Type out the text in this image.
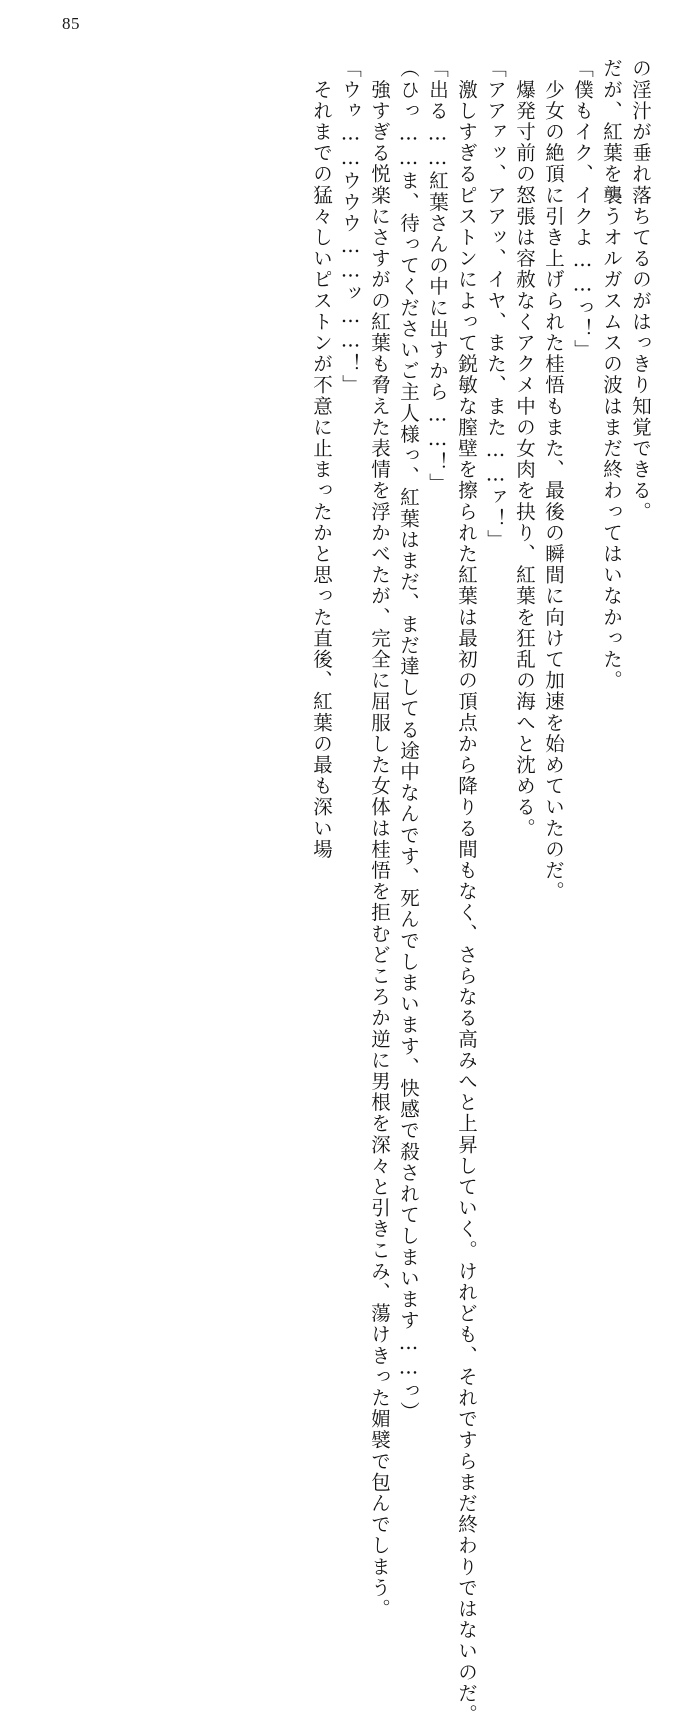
85
の淫汁が垂れ落ちてるのがはっきり知覚できる。
だが、紅葉を襲うオルガスムスの波はまだ終わってはいなかった。
「僕もイク、イクよ……っ！」
　少女の絶頂に引き上げられた桂悟もまた、最後の瞬間に向けて加速を始めていたのだ。
　爆発寸前の怒張は容赦なくアクメ中の女肉を抉り、紅葉を狂乱の海へと沈める。
「アアァッ、アアッ、イヤ、また、また……ァ！」
　激しすぎるピストンによって鋭敏な膣壁を擦られた紅葉は最初の頂点から降りる間もなく、さらなる高みへと上昇していく。けれども、それですらまだ終わりではないのだ。
「出る……紅葉さんの中に出すから……！」
（ひっ……ま、待ってくださいご主人様っ、紅葉はまだ、まだ達してる途中なんです、死んでしまいます、快感で殺されてしまいます……っ）
　強すぎる悦楽にさすがの紅葉も脅えた表情を浮かべたが、完全に屈服した女体は桂悟を拒むどころか逆に男根を深々と引きこみ、蕩けきった媚襞で包んでしまう。
「ウゥ……ウウウ……ッ……！」
　それまでの猛々しいピストンが不意に止まったかと思った直後、紅葉の最も深い場
